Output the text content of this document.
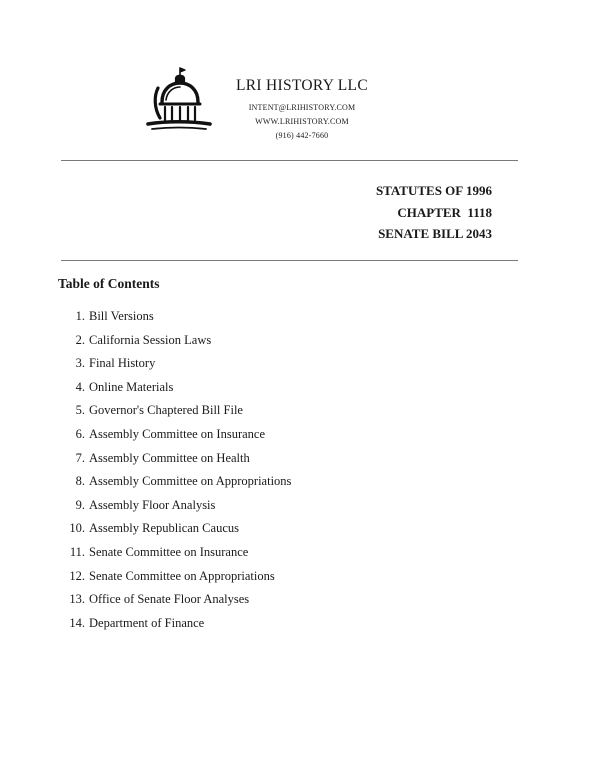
LRI HISTORY LLC
INTENT@LRIHISTORY.COM
WWW.LRIHISTORY.COM
(916) 442-7660
STATUTES OF 1996
CHAPTER  1118
SENATE BILL 2043
Table of Contents
1. Bill Versions
2. California Session Laws
3. Final History
4. Online Materials
5. Governor's Chaptered Bill File
6. Assembly Committee on Insurance
7. Assembly Committee on Health
8. Assembly Committee on Appropriations
9. Assembly Floor Analysis
10. Assembly Republican Caucus
11. Senate Committee on Insurance
12. Senate Committee on Appropriations
13. Office of Senate Floor Analyses
14. Department of Finance
